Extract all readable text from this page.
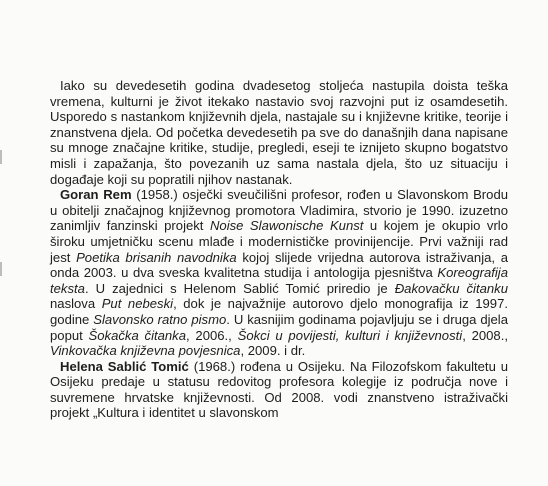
Iako su devedesetih godina dvadesetog stoljeća nastupila doista teška vremena, kulturni je život itekako nastavio svoj razvojni put iz osamdesetih. Usporedo s nastankom književnih djela, nastajale su i književne kritike, teorije i znanstvena djela. Od početka devedesetih pa sve do današnjih dana napisane su mnoge značajne kritike, studije, pregledi, eseji te iznijeto skupno bogatstvo misli i zapažanja, što povezanih uz sama nastala djela, što uz situaciju i događaje koji su popratili njihov nastanak.

Goran Rem (1958.) osječki sveučilišni profesor, rođen u Slavonskom Brodu u obitelji značajnog književnog promotora Vladimira, stvorio je 1990. izuzetno zanimljiv fanzinski projekt Noise Slawonische Kunst u kojem je okupio vrlo široku umjetničku scenu mlađe i modernističke provinijencije. Prvi važniji rad jest Poetika brisanih navodnika kojoj slijede vrijedna autorova istraživanja, a onda 2003. u dva sveska kvalitetna studija i antologija pjesništva Koreografija teksta. U zajednici s Helenom Sablić Tomić priredio je Đakovačku čitanku naslova Put nebeski, dok je najvažnije autorovo djelo monografija iz 1997. godine Slavonsko ratno pismo. U kasnijim godinama pojavljuju se i druga djela poput Šokačka čitanka, 2006., Šokci u povijesti, kulturi i književnosti, 2008., Vinkovačka književna povjesnica, 2009. i dr.

Helena Sablić Tomić (1968.) rođena u Osijeku. Na Filozofskom fakultetu u Osijeku predaje u statusu redovitog profesora kolegije iz područja nove i suvremene hrvatske književnosti. Od 2008. vodi znanstveno istraživački projekt „Kultura i identitet u slavonskom
